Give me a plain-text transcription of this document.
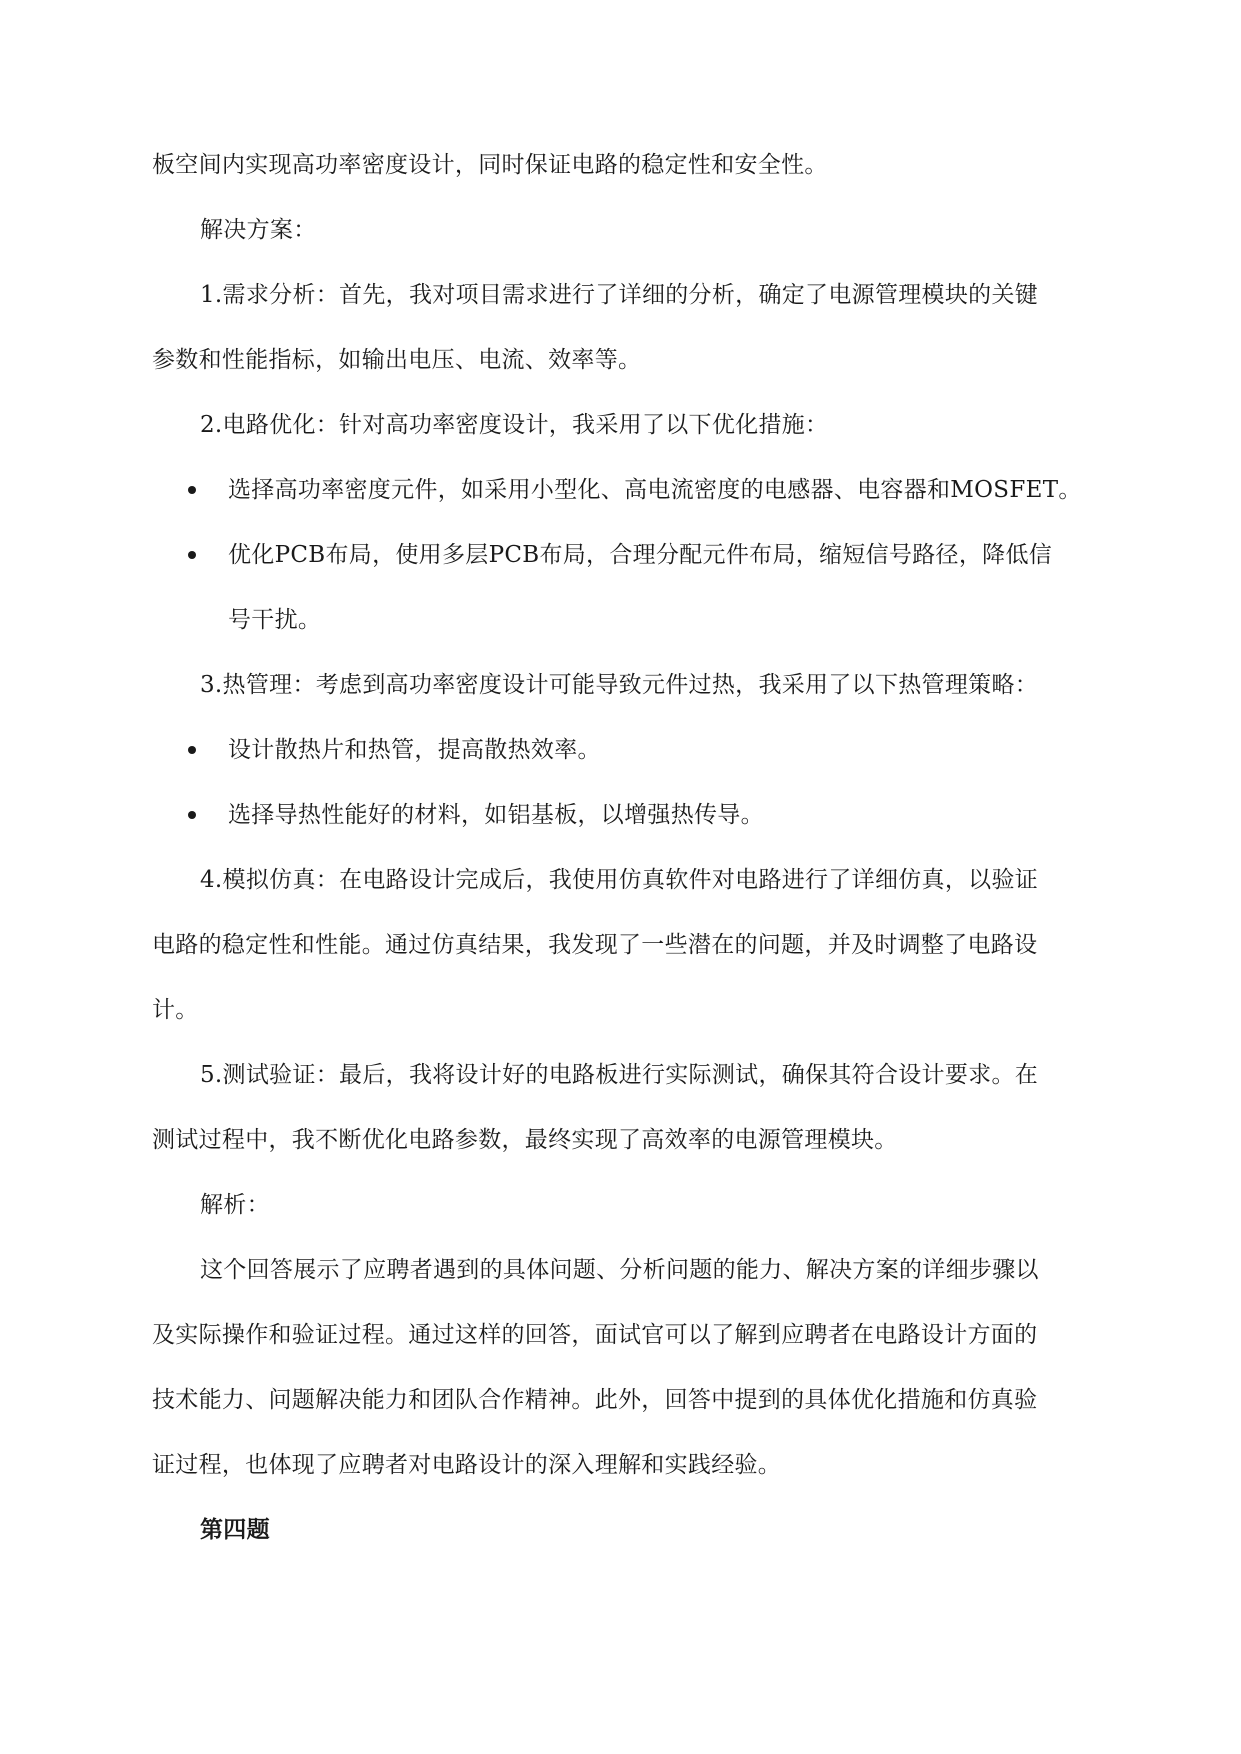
板空间内实现高功率密度设计，同时保证电路的稳定性和安全性。
解决方案：
1.需求分析：首先，我对项目需求进行了详细的分析，确定了电源管理模块的关键
参数和性能指标，如输出电压、电流、效率等。
2.电路优化：针对高功率密度设计，我采用了以下优化措施：
选择高功率密度元件，如采用小型化、高电流密度的电感器、电容器和MOSFET。
优化PCB布局，使用多层PCB布局，合理分配元件布局，缩短信号路径，降低信
号干扰。
3.热管理：考虑到高功率密度设计可能导致元件过热，我采用了以下热管理策略：
设计散热片和热管，提高散热效率。
选择导热性能好的材料，如铝基板，以增强热传导。
4.模拟仿真：在电路设计完成后，我使用仿真软件对电路进行了详细仿真，以验证
电路的稳定性和性能。通过仿真结果，我发现了一些潜在的问题，并及时调整了电路设
计。
5.测试验证：最后，我将设计好的电路板进行实际测试，确保其符合设计要求。在
测试过程中，我不断优化电路参数，最终实现了高效率的电源管理模块。
解析：
这个回答展示了应聘者遇到的具体问题、分析问题的能力、解决方案的详细步骤以
及实际操作和验证过程。通过这样的回答，面试官可以了解到应聘者在电路设计方面的
技术能力、问题解决能力和团队合作精神。此外，回答中提到的具体优化措施和仿真验
证过程，也体现了应聘者对电路设计的深入理解和实践经验。
第四题
